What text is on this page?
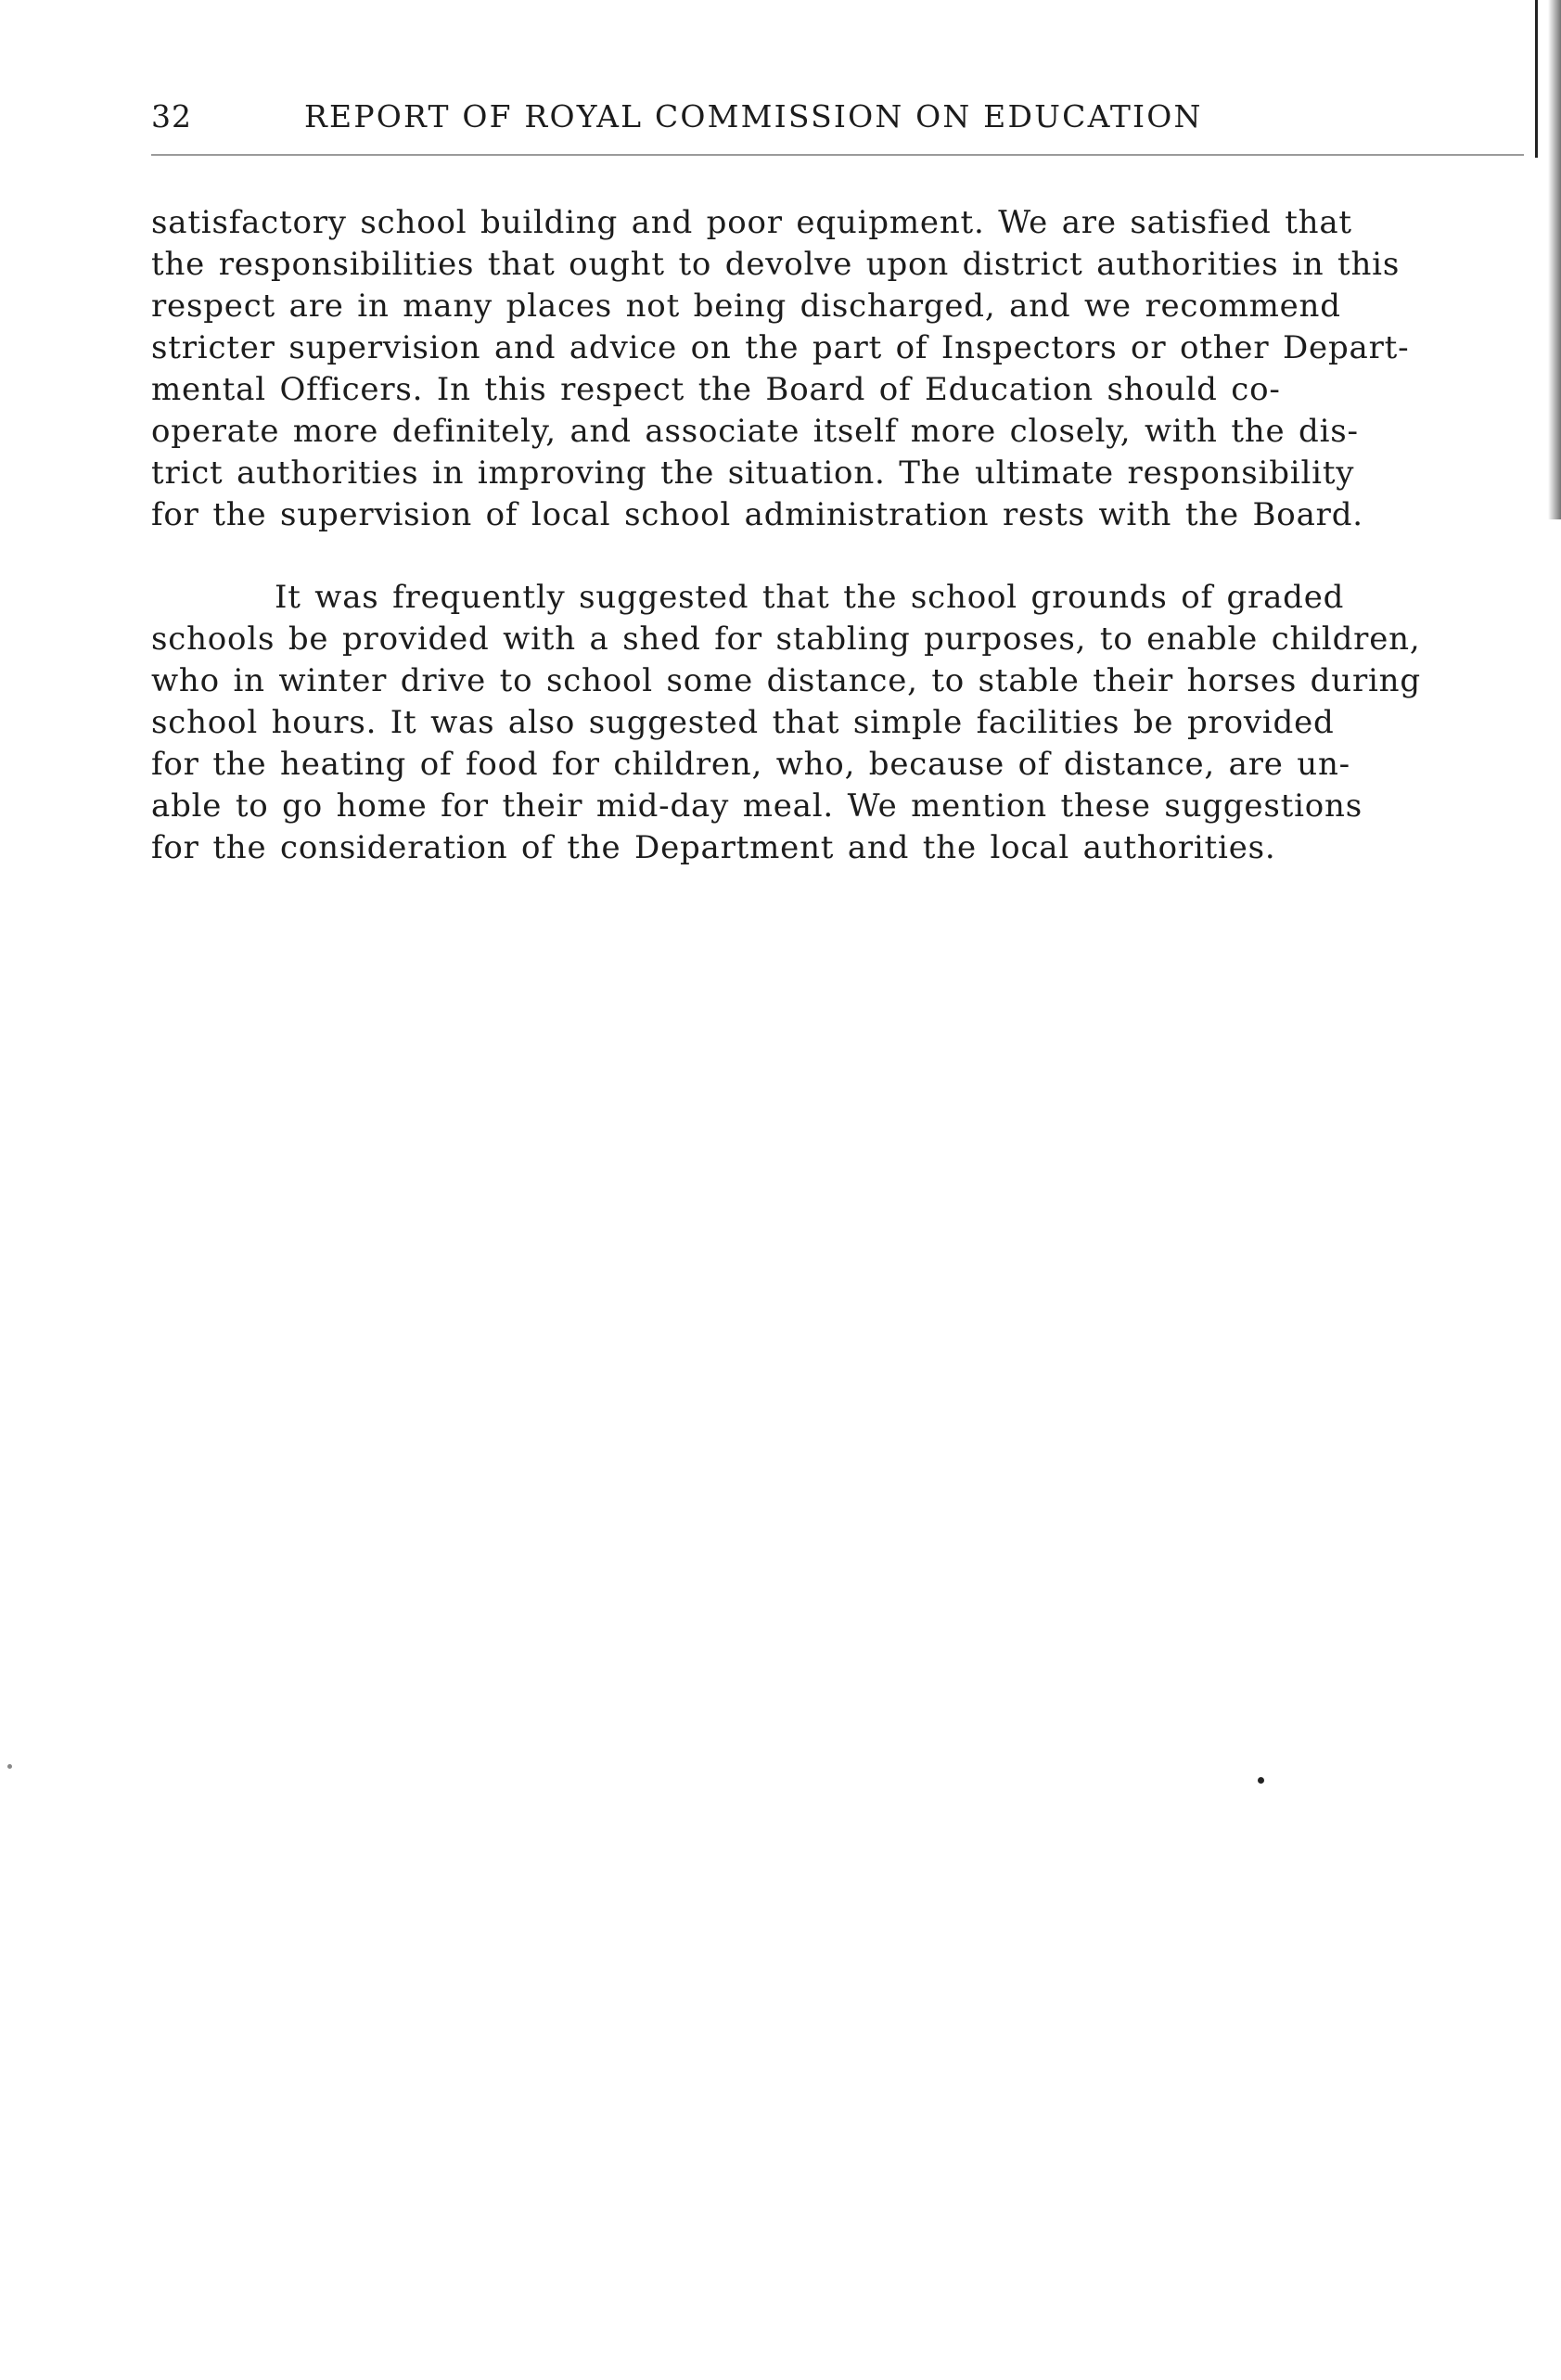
32	REPORT OF ROYAL COMMISSION ON EDUCATION
satisfactory school building and poor equipment. We are satisfied that
the responsibilities that ought to devolve upon district authorities in this
respect are in many places not being discharged, and we recommend
stricter supervision and advice on the part of Inspectors or other Depart-
mental Officers. In this respect the Board of Education should co-
operate more definitely, and associate itself more closely, with the dis-
trict authorities in improving the situation. The ultimate responsibility
for the supervision of local school administration rests with the Board.
It was frequently suggested that the school grounds of graded
schools be provided with a shed for stabling purposes, to enable children,
who in winter drive to school some distance, to stable their horses during
school hours. It was also suggested that simple facilities be provided
for the heating of food for children, who, because of distance, are un-
able to go home for their mid-day meal. We mention these suggestions
for the consideration of the Department and the local authorities.
